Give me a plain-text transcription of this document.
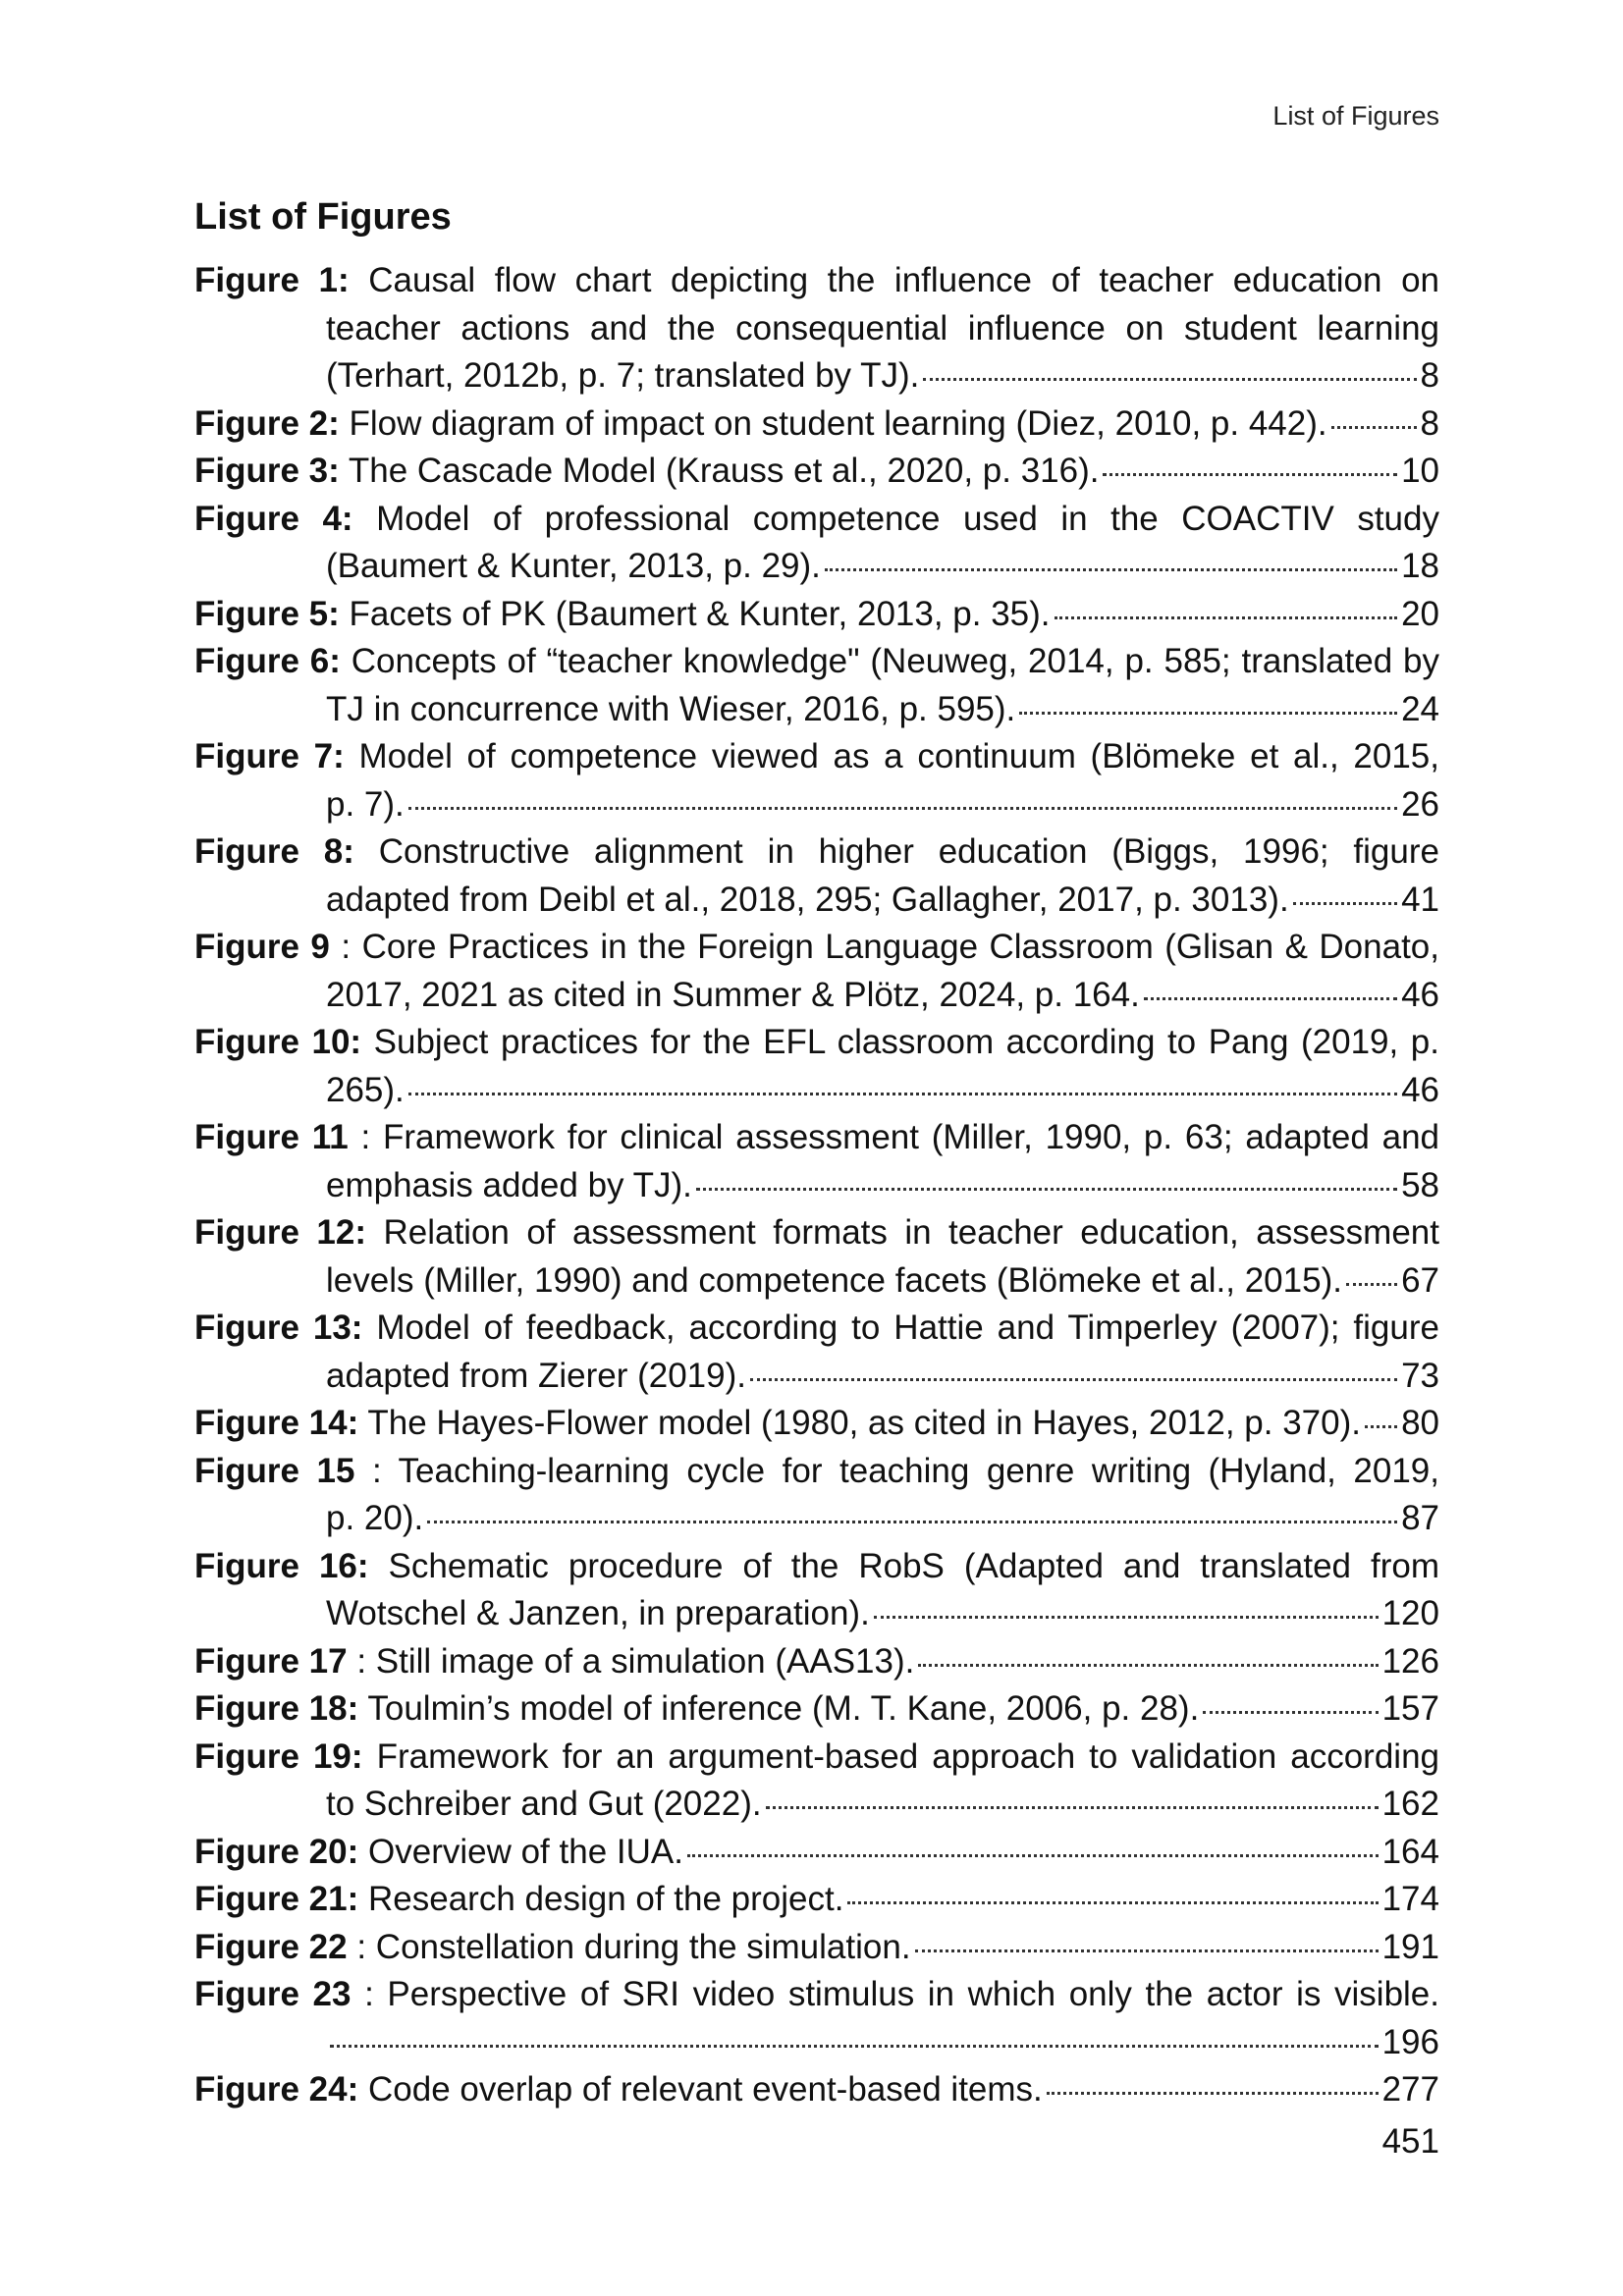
List of Figures
List of Figures
Figure 1: Causal flow chart depicting the influence of teacher education on teacher actions and the consequential influence on student learning
(Terhart, 2012b, p. 7; translated by TJ).	8
Figure 2: Flow diagram of impact on student learning (Diez, 2010, p. 442).	8
Figure 3: The Cascade Model (Krauss et al., 2020, p. 316).	10
Figure 4: Model of professional competence used in the COACTIV study
(Baumert & Kunter, 2013, p. 29).	18
Figure 5: Facets of PK (Baumert & Kunter, 2013, p. 35).	20
Figure 6: Concepts of “teacher knowledge" (Neuweg, 2014, p. 585; translated by
TJ in concurrence with Wieser, 2016, p. 595).	24
Figure 7: Model of competence viewed as a continuum (Blömeke et al., 2015,
p. 7).	26
Figure 8: Constructive alignment in higher education (Biggs, 1996; figure
adapted from Deibl et al., 2018, 295; Gallagher, 2017, p. 3013).	41
Figure 9 : Core Practices in the Foreign Language Classroom (Glisan & Donato,
2017, 2021 as cited in Summer & Plötz, 2024, p. 164.	46
Figure 10: Subject practices for the EFL classroom according to Pang (2019, p.
265).	46
Figure 11 : Framework for clinical assessment (Miller, 1990, p. 63; adapted and
emphasis added by TJ).	58
Figure 12: Relation of assessment formats in teacher education, assessment
levels (Miller, 1990) and competence facets (Blömeke et al., 2015). 67
Figure 13: Model of feedback, according to Hattie and Timperley (2007); figure
adapted from Zierer (2019).	73
Figure 14: The Hayes-Flower model (1980, as cited in Hayes, 2012, p. 370). 80
Figure 15 : Teaching-learning cycle for teaching genre writing (Hyland, 2019,
p. 20).	87
Figure 16: Schematic procedure of the RobS (Adapted and translated from
Wotschel & Janzen, in preparation).	120
Figure 17 : Still image of a simulation (AAS13).	126
Figure 18: Toulmin’s model of inference (M. T. Kane, 2006, p. 28).	157
Figure 19: Framework for an argument-based approach to validation according
to Schreiber and Gut (2022).	162
Figure 20: Overview of the IUA.	164
Figure 21: Research design of the project.	174
Figure 22 : Constellation during the simulation.	191
Figure 23 : Perspective of SRI video stimulus in which only the actor is visible.
196
Figure 24: Code overlap of relevant event-based items.	277
451
